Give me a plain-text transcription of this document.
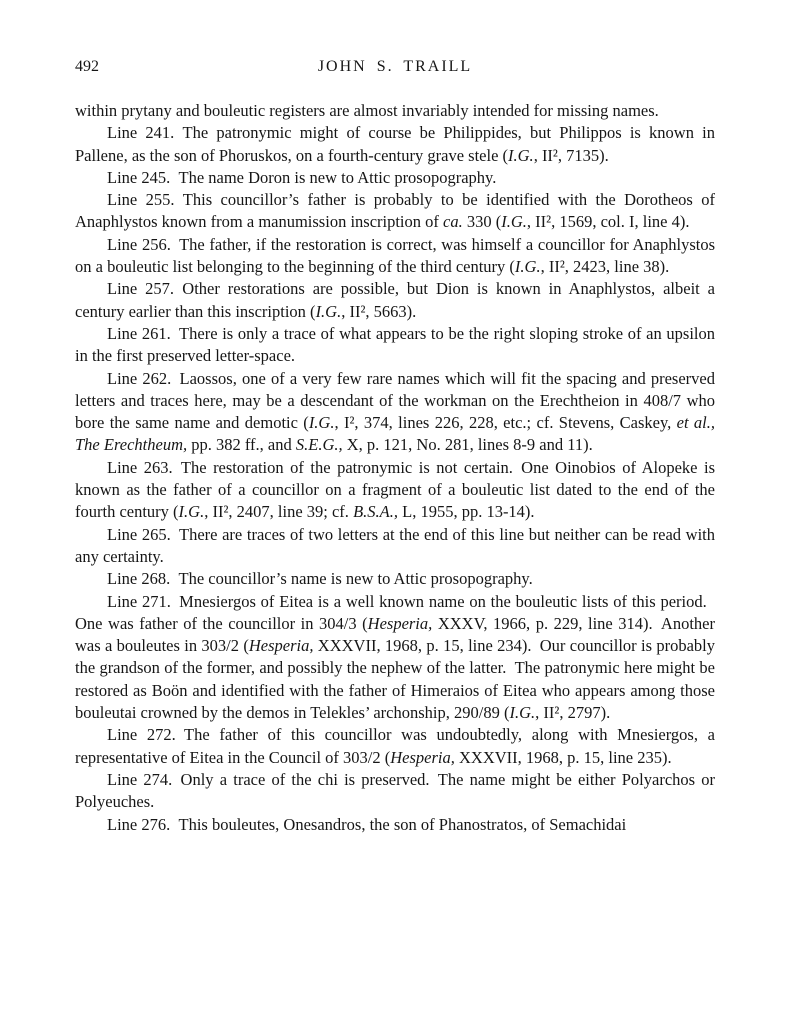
492	JOHN S. TRAILL

within prytany and bouleutic registers are almost invariably intended for missing names.

Line 241. The patronymic might of course be Philippides, but Philippos is known in Pallene, as the son of Phoruskos, on a fourth-century grave stele (I.G., II², 7135).

Line 245. The name Doron is new to Attic prosopography.

Line 255. This councillor’s father is probably to be identified with the Dorotheos of Anaphlystos known from a manumission inscription of ca. 330 (I.G., II², 1569, col. I, line 4).

Line 256. The father, if the restoration is correct, was himself a councillor for Anaphlystos on a bouleutic list belonging to the beginning of the third century (I.G., II², 2423, line 38).

Line 257. Other restorations are possible, but Dion is known in Anaphlystos, albeit a century earlier than this inscription (I.G., II², 5663).

Line 261. There is only a trace of what appears to be the right sloping stroke of an upsilon in the first preserved letter-space.

Line 262. Laossos, one of a very few rare names which will fit the spacing and preserved letters and traces here, may be a descendant of the workman on the Erechtheion in 408/7 who bore the same name and demotic (I.G., I², 374, lines 226, 228, etc.; cf. Stevens, Caskey, et al., The Erechtheum, pp. 382 ff., and S.E.G., X, p. 121, No. 281, lines 8-9 and 11).

Line 263. The restoration of the patronymic is not certain. One Oinobios of Alopeke is known as the father of a councillor on a fragment of a bouleutic list dated to the end of the fourth century (I.G., II², 2407, line 39; cf. B.S.A., L, 1955, pp. 13-14).

Line 265. There are traces of two letters at the end of this line but neither can be read with any certainty.

Line 268. The councillor’s name is new to Attic prosopography.

Line 271. Mnesiergos of Eitea is a well known name on the bouleutic lists of this period. One was father of the councillor in 304/3 (Hesperia, XXXV, 1966, p. 229, line 314). Another was a bouleutes in 303/2 (Hesperia, XXXVII, 1968, p. 15, line 234). Our councillor is probably the grandson of the former, and possibly the nephew of the latter. The patronymic here might be restored as Boön and identified with the father of Himeraios of Eitea who appears among those bouleutai crowned by the demos in Telekles’ archonship, 290/89 (I.G., II², 2797).

Line 272. The father of this councillor was undoubtedly, along with Mnesiergos, a representative of Eitea in the Council of 303/2 (Hesperia, XXXVII, 1968, p. 15, line 235).

Line 274. Only a trace of the chi is preserved. The name might be either Polyarchos or Polyeuches.

Line 276. This bouleutes, Onesandros, the son of Phanostratos, of Semachidai
